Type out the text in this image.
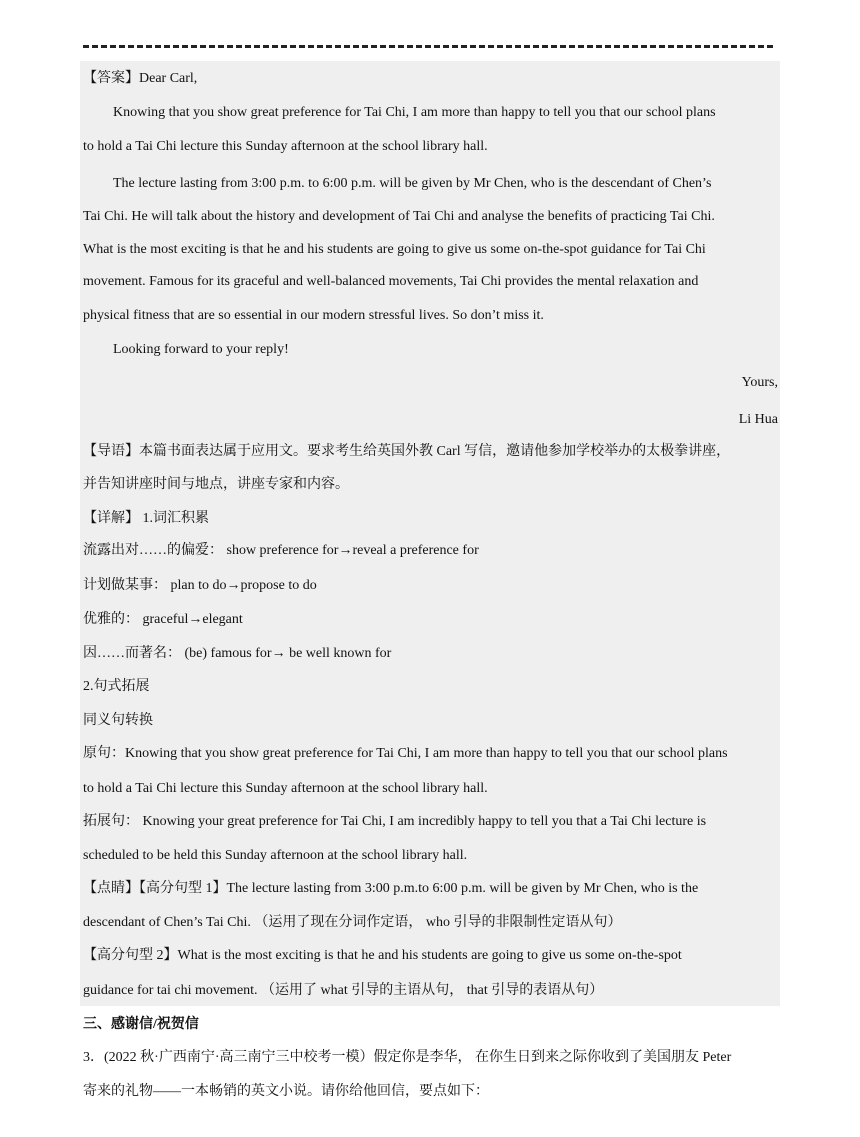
【答案】Dear Carl,
Knowing that you show great preference for Tai Chi, I am more than happy to tell you that our school plans
to hold a Tai Chi lecture this Sunday afternoon at the school library hall.
The lecture lasting from 3:00 p.m. to 6:00 p.m. will be given by Mr Chen, who is the descendant of Chen’s
Tai Chi. He will talk about the history and development of Tai Chi and analyse the benefits of practicing Tai Chi.
What is the most exciting is that he and his students are going to give us some on-the-spot guidance for Tai Chi
movement. Famous for its graceful and well-balanced movements, Tai Chi provides the mental relaxation and
physical fitness that are so essential in our modern stressful lives. So don’t miss it.
Looking forward to your reply!
Yours,
Li Hua
【导语】本篇书面表达属于应用文。要求考生给英国外教 Carl 写信，邀请他参加学校举办的太极拳讲座，
并告知讲座时间与地点，讲座专家和内容。
【详解】 1.词汇积累
流露出对……的偏爱： show preference for→reveal a preference for
计划做某事： plan to do→propose to do
优雅的： graceful→elegant
因……而著名： (be) famous for→ be well known for
2.句式拓展
同义句转换
原句：Knowing that you show great preference for Tai Chi, I am more than happy to tell you that our school plans
to hold a Tai Chi lecture this Sunday afternoon at the school library hall.
拓展句： Knowing your great preference for Tai Chi, I am incredibly happy to tell you that a Tai Chi lecture is
scheduled to be held this Sunday afternoon at the school library hall.
【点睛】【高分句型 1】The lecture lasting from 3:00 p.m.to 6:00 p.m. will be given by Mr Chen, who is the
descendant of Chen’s Tai Chi. （运用了现在分词作定语， who 引导的非限制性定语从句）
【高分句型 2】What is the most exciting is that he and his students are going to give us some on-the-spot
guidance for tai chi movement. （运用了 what 引导的主语从句， that 引导的表语从句）
三、感谢信/祝贺信
3．(2022 秋·广西南宁·高三南宁三中校考一模）假定你是李华， 在你生日到来之际你收到了美国朋友 Peter
寄来的礼物——一本畅销的英文小说。请你给他回信，要点如下：
